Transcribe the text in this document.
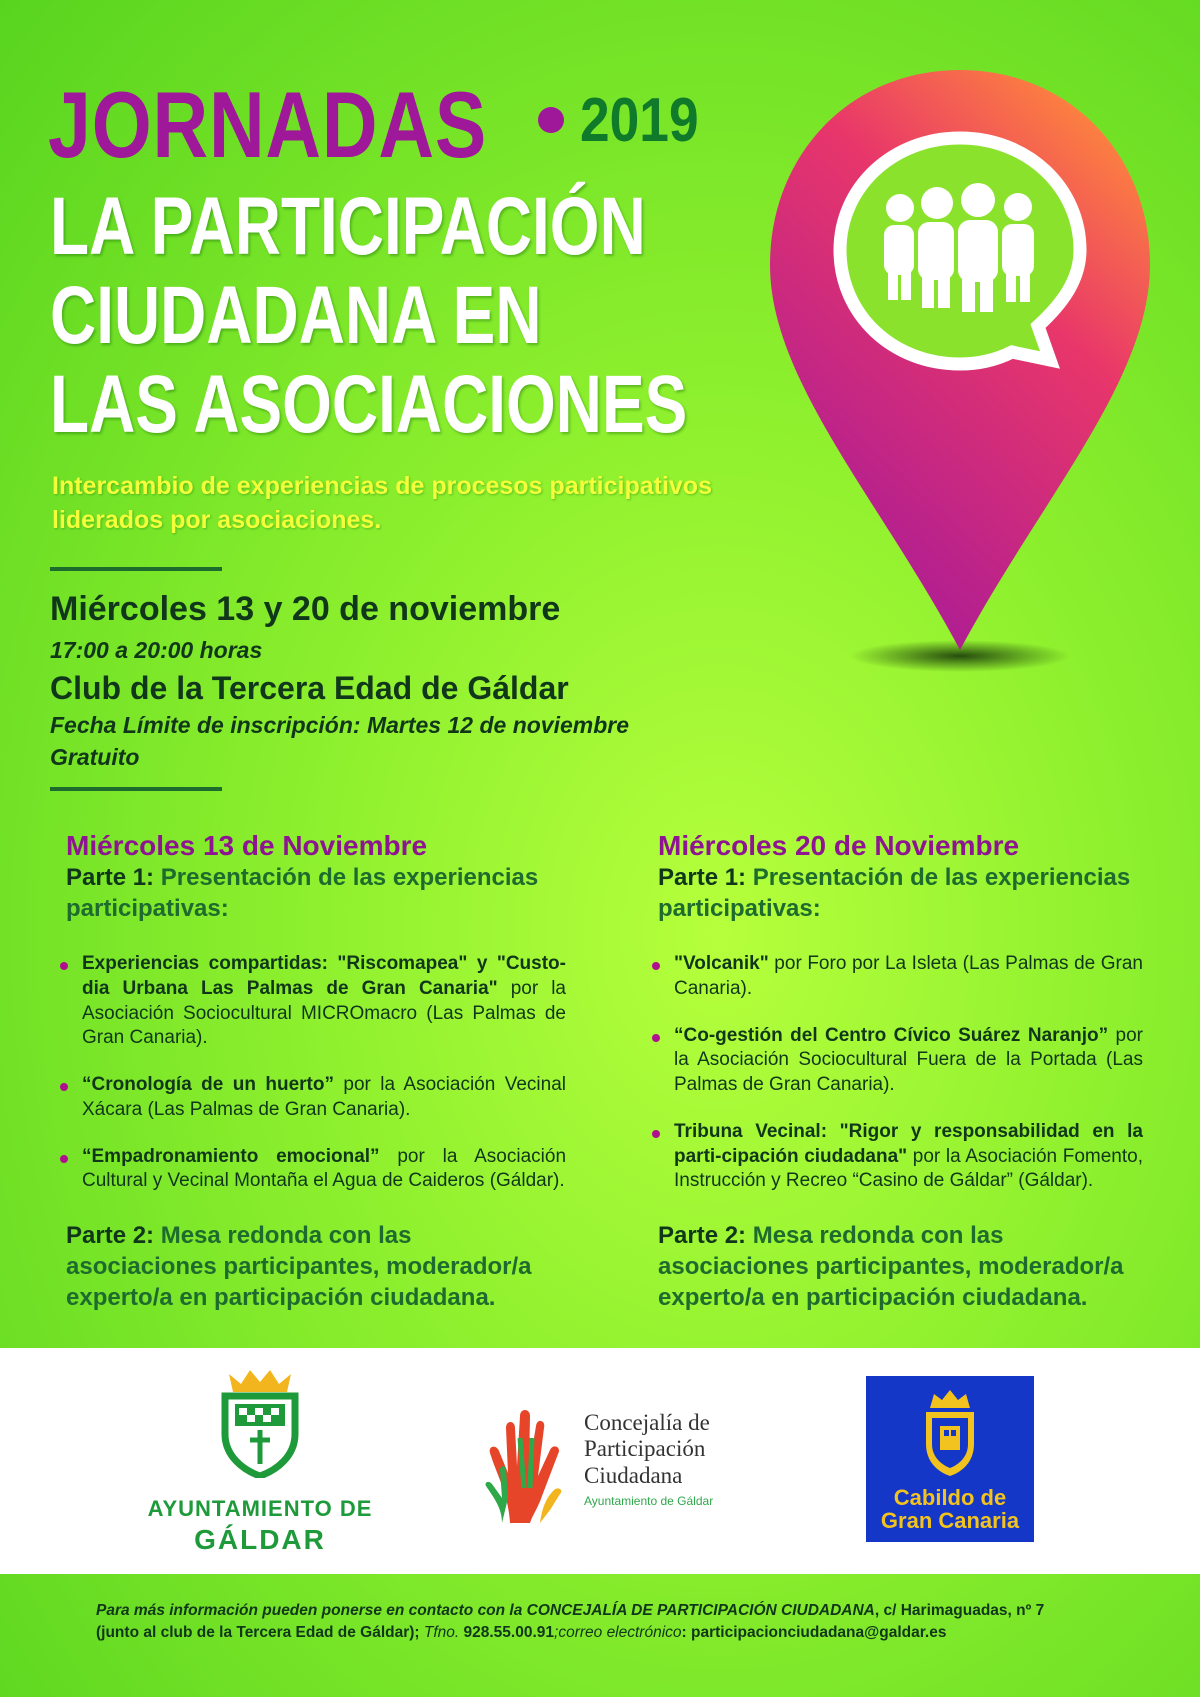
JORNADAS 2019
LA PARTICIPACIÓN
CIUDADANA EN
LAS ASOCIACIONES
Intercambio de experiencias de procesos participativos
liderados por asociaciones.
Miércoles 13 y 20 de noviembre
17:00 a 20:00 horas
Club de la Tercera Edad de Gáldar
Fecha Límite de inscripción: Martes 12 de noviembre
Gratuito
Miércoles 13 de Noviembre
Parte 1: Presentación de las experiencias participativas:
Experiencias compartidas: "Riscomapea" y "Custo-dia Urbana Las Palmas de Gran Canaria" por la Asociación Sociocultural MICROmacro (Las Palmas de Gran Canaria).
“Cronología de un huerto” por la Asociación Vecinal Xácara (Las Palmas de Gran Canaria).
“Empadronamiento emocional” por la Asociación Cultural y Vecinal Montaña el Agua de Caideros (Gáldar).
Parte 2: Mesa redonda con las asociaciones participantes, moderador/a experto/a en participación ciudadana.
Miércoles 20 de Noviembre
Parte 1: Presentación de las experiencias participativas:
"Volcanik" por Foro por La Isleta (Las Palmas de Gran Canaria).
“Co-gestión del Centro Cívico Suárez Naranjo” por la Asociación Sociocultural Fuera de la Portada (Las Palmas de Gran Canaria).
Tribuna Vecinal: "Rigor y responsabilidad en la parti-cipación ciudadana" por la Asociación Fomento, Instrucción y Recreo “Casino de Gáldar” (Gáldar).
Parte 2: Mesa redonda con las asociaciones participantes, moderador/a experto/a en participación ciudadana.
AYUNTAMIENTO DE
GÁLDAR
Concejalía de
Participación
Ciudadana
Ayuntamiento de Gáldar	Cabildo de
Gran Canaria
Para más información pueden ponerse en contacto con la CONCEJALÍA DE PARTICIPACIÓN CIUDADANA, c/ Harimaguadas, nº 7
(junto al club de la Tercera Edad de Gáldar); Tfno. 928.55.00.91;correo electrónico: participacionciudadana@galdar.es
